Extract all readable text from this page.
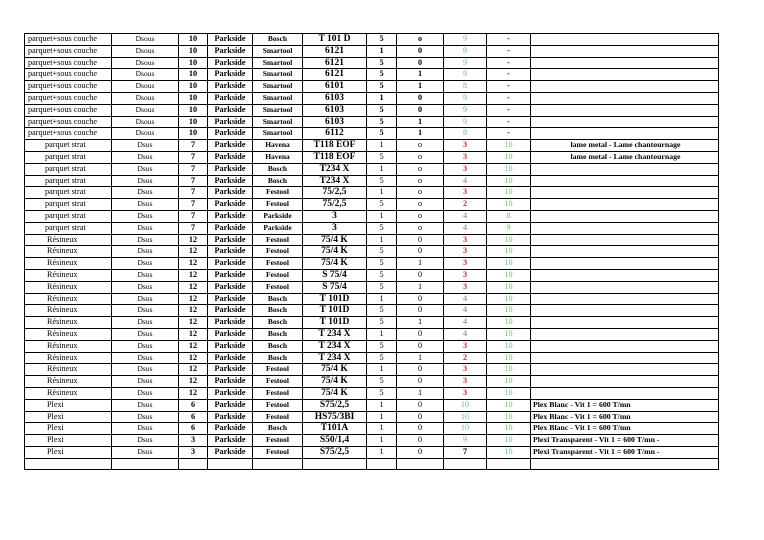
parquet+sous couche	Dsous	10	Parkside	Bosch	T 101 D	5	o	9	-	
parquet+sous couche	Dsous	10	Parkside	Smartool	6121	1	0	9	-	
parquet+sous couche	Dsous	10	Parkside	Smartool	6121	5	0	9	-	
parquet+sous couche	Dsous	10	Parkside	Smartool	6121	5	1	9	-	
parquet+sous couche	Dsous	10	Parkside	Smartool	6101	5	1	8	-	
parquet+sous couche	Dsous	10	Parkside	Smartool	6103	1	0	9	-	
parquet+sous couche	Dsous	10	Parkside	Smartool	6103	5	0	9	-	
parquet+sous couche	Dsous	10	Parkside	Smartool	6103	5	1	9	-	
parquet+sous couche	Dsous	10	Parkside	Smartool	6112	5	1	8	-	
parquet strat	Dsus	7	Parkside	Havena	T118 EOF	1	o	3	10	lame metal - Lame chantournage
parquet strat	Dsus	7	Parkside	Havena	T118 EOF	5	o	3	10	lame metal - Lame chantournage
parquet strat	Dsus	7	Parkside	Bosch	T234 X	1	o	3	10	
parquet strat	Dsus	7	Parkside	Bosch	T234 X	5	o	4	10	
parquet strat	Dsus	7	Parkside	Festool	75/2,5	1	o	3	10	
parquet strat	Dsus	7	Parkside	Festool	75/2,5	5	o	2	10	
parquet strat	Dsus	7	Parkside	Parkside	3	1	o	4	8	
parquet strat	Dsus	7	Parkside	Parkside	3	5	o	4	9	
Résineux	Dsus	12	Parkside	Festool	75/4 K	1	0	3	10	
Résineux	Dsus	12	Parkside	Festool	75/4 K	5	0	3	10	
Résineux	Dsus	12	Parkside	Festool	75/4 K	5	1	3	10	
Résineux	Dsus	12	Parkside	Festool	S 75/4	5	0	3	10	
Résineux	Dsus	12	Parkside	Festool	S 75/4	5	1	3	10	
Résineux	Dsus	12	Parkside	Bosch	T 101D	1	0	4	10	
Résineux	Dsus	12	Parkside	Bosch	T 101D	5	0	4	10	
Résineux	Dsus	12	Parkside	Bosch	T 101D	5	1	4	10	
Résineux	Dsus	12	Parkside	Bosch	T 234 X	1	0	4	10	
Résineux	Dsus	12	Parkside	Bosch	T 234 X	5	0	3	10	
Résineux	Dsus	12	Parkside	Bosch	T 234 X	5	1	2	10	
Résineux	Dsus	12	Parkside	Festool	75/4 K	1	0	3	10	
Résineux	Dsus	12	Parkside	Festool	75/4 K	5	0	3	10	
Résineux	Dsus	12	Parkside	Festool	75/4 K	5	1	3	10	
Plexi	Dsus	6	Parkside	Festool	S75/2,5	1	0	10	10	Plex Blanc - Vit 1 = 600 T/mn
Plexi	Dsus	6	Parkside	Festool	HS75/3BI	1	0	10	10	Plex Blanc - Vit 1 = 600 T/mn
Plexi	Dsus	6	Parkside	Bosch	T101A	1	0	10	10	Plex Blanc - Vit 1 = 600 T/mn
Plexi	Dsus	3	Parkside	Festool	S50/1,4	1	0	9	10	Plexi Transparent - Vit 1 = 600 T/mn -
Plexi	Dsus	3	Parkside	Festool	S75/2,5	1	0	7	10	Plexi Transparent - Vit 1 = 600 T/mn -
